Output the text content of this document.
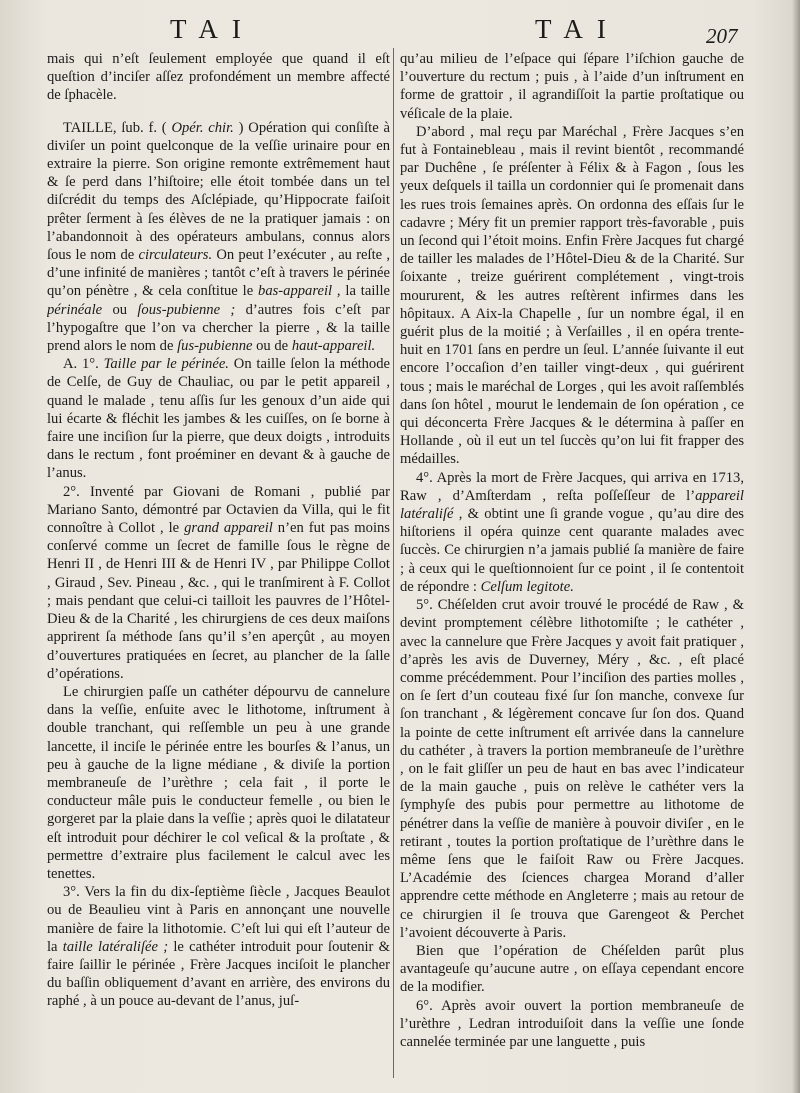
TAI	TAI	207

mais qui n’eſt ſeulement employée que quand il eſt queſtion d’inciſer aſſez profondément un membre affecté de ſphacèle.

TAILLE, ſub. f. ( Opér. chir. ) Opération qui conſiſte à diviſer un point quelconque de la veſſie urinaire pour en extraire la pierre. Son origine remonte extrêmement haut & ſe perd dans l’hiſtoire; elle étoit tombée dans un tel diſcrédit du temps des Aſclépiade, qu’Hippocrate faiſoit prêter ſerment à ſes élèves de ne la pratiquer jamais : on l’abandonnoit à des opérateurs ambulans, connus alors ſous le nom de circulateurs. On peut l’exécuter , au reſte , d’une infinité de manières ; tantôt c’eſt à travers le périnée qu’on pénètre , & cela conſtitue le bas-appareil , la taille périnéale ou ſous-pubienne ; d’autres fois c’eſt par l’hypogaſtre que l’on va chercher la pierre , & la taille prend alors le nom de ſus-pubienne ou de haut-appareil.

A. 1°. Taille par le périnée. On taille ſelon la méthode de Celſe, de Guy de Chauliac, ou par le petit appareil , quand le malade , tenu aſſis ſur les genoux d’un aide qui lui écarte & fléchit les jambes & les cuiſſes, on ſe borne à faire une inciſion ſur la pierre, que deux doigts , introduits dans le rectum , font proéminer en devant & à gauche de l’anus.

2°. Inventé par Giovani de Romani , publié par Mariano Santo, démontré par Octavien da Villa, qui le fit connoître à Collot , le grand appareil n’en fut pas moins conſervé comme un ſecret de famille ſous le règne de Henri II , de Henri III & de Henri IV , par Philippe Collot , Giraud , Sev. Pineau , &c. , qui le tranſmirent à F. Collot ; mais pendant que celui-ci tailloit les pauvres de l’Hôtel-Dieu & de la Charité , les chirurgiens de ces deux maiſons apprirent ſa méthode ſans qu’il s’en aperçût , au moyen d’ouvertures pratiquées en ſecret, au plancher de la ſalle d’opérations.

Le chirurgien paſſe un cathéter dépourvu de cannelure dans la veſſie, enſuite avec le lithotome, inſtrument à double tranchant, qui reſſemble un peu à une grande lancette, il inciſe le périnée entre les bourſes & l’anus, un peu à gauche de la ligne médiane , & diviſe la portion membraneuſe de l’urèthre ; cela fait , il porte le conducteur mâle puis le conducteur femelle , ou bien le gorgeret par la plaie dans la veſſie ; après quoi le dilatateur eſt introduit pour déchirer le col veſical & la proſtate , & permettre d’extraire plus facilement le calcul avec les tenettes.

3°. Vers la fin du dix-ſeptième ſiècle , Jacques Beaulot ou de Beaulieu vint à Paris en annonçant une nouvelle manière de faire la lithotomie. C’eſt lui qui eſt l’auteur de la taille latéraliſée ; le cathéter introduit pour ſoutenir & faire ſaillir le périnée , Frère Jacques inciſoit le plancher du baſſin obliquement d’avant en arrière, des environs du raphé , à un pouce au-devant de l’anus, juſ-

qu’au milieu de l’eſpace qui ſépare l’iſchion gauche de l’ouverture du rectum ; puis , à l’aide d’un inſtrument en forme de grattoir , il agrandiſſoit la partie proſtatique ou véſicale de la plaie.

D’abord , mal reçu par Maréchal , Frère Jacques s’en fut à Fontainebleau , mais il revint bientôt , recommandé par Duchêne , ſe préſenter à Félix & à Fagon , ſous les yeux deſquels il tailla un cordonnier qui ſe promenait dans les rues trois ſemaines après. On ordonna des eſſais ſur le cadavre ; Méry fit un premier rapport très-favorable , puis un ſecond qui l’étoit moins. Enfin Frère Jacques fut chargé de tailler les malades de l’Hôtel-Dieu & de la Charité. Sur ſoixante , treize guérirent complétement , vingt-trois moururent, & les autres reſtèrent infirmes dans les hôpitaux. A Aix-la Chapelle , ſur un nombre égal, il en guérit plus de la moitié ; à Verſailles , il en opéra trente-huit en 1701 ſans en perdre un ſeul. L’année ſuivante il eut encore l’occaſion d’en tailler vingt-deux , qui guérirent tous ; mais le maréchal de Lorges , qui les avoit raſſemblés dans ſon hôtel , mourut le lendemain de ſon opération , ce qui déconcerta Frère Jacques & le détermina à paſſer en Hollande , où il eut un tel ſuccès qu’on lui fit frapper des médailles.

4°. Après la mort de Frère Jacques, qui arriva en 1713, Raw , d’Amſterdam , reſta poſſeſſeur de l’appareil latéraliſé , & obtint une ſi grande vogue , qu’au dire des hiſtoriens il opéra quinze cent quarante malades avec ſuccès. Ce chirurgien n’a jamais publié ſa manière de faire ; à ceux qui le queſtionnoient ſur ce point , il ſe contentoit de répondre : Celſum legitote.

5°. Chéſelden crut avoir trouvé le procédé de Raw , & devint promptement célèbre lithotomiſte ; le cathéter , avec la cannelure que Frère Jacques y avoit fait pratiquer , d’après les avis de Duverney, Méry , &c. , eſt placé comme précédemment. Pour l’inciſion des parties molles , on ſe ſert d’un couteau fixé ſur ſon manche, convexe ſur ſon tranchant , & légèrement concave ſur ſon dos. Quand la pointe de cette inſtrument eſt arrivée dans la cannelure du cathéter , à travers la portion membraneuſe de l’urèthre , on le fait gliſſer un peu de haut en bas avec l’indicateur de la main gauche , puis on relève le cathéter vers la ſymphyſe des pubis pour permettre au lithotome de pénétrer dans la veſſie de manière à pouvoir diviſer , en le retirant , toutes la portion proſtatique de l’urèthre dans le même ſens que le faiſoit Raw ou Frère Jacques. L’Académie des ſciences chargea Morand d’aller apprendre cette méthode en Angleterre ; mais au retour de ce chirurgien il ſe trouva que Garengeot & Perchet l’avoient découverte à Paris.

Bien que l’opération de Chéſelden parût plus avantageuſe qu’aucune autre , on eſſaya cependant encore de la modifier.

6°. Après avoir ouvert la portion membraneuſe de l’urèthre , Ledran introduiſoit dans la veſſie une ſonde cannelée terminée par une languette , puis
